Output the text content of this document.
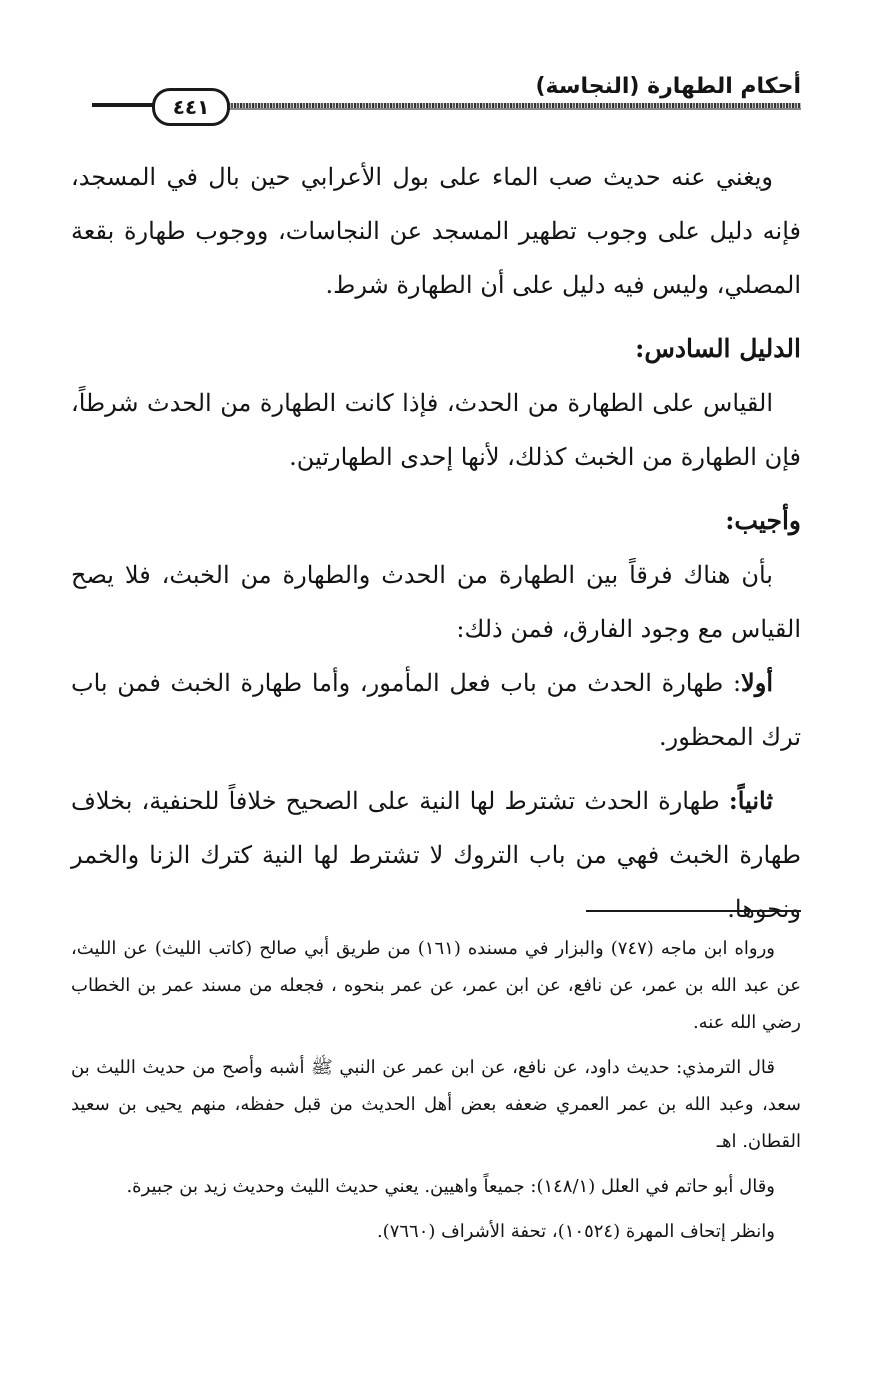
أحكام الطهارة (النجاسة)
٤٤١

ويغني عنه حديث صب الماء على بول الأعرابي حين بال في المسجد، فإنه دليل على وجوب تطهير المسجد عن النجاسات، ووجوب طهارة بقعة المصلي، وليس فيه دليل على أن الطهارة شرط.

الدليل السادس:

القياس على الطهارة من الحدث، فإذا كانت الطهارة من الحدث شرطاً، فإن الطهارة من الخبث كذلك، لأنها إحدى الطهارتين.

وأجيب:

بأن هناك فرقاً بين الطهارة من الحدث والطهارة من الخبث، فلا يصح القياس مع وجود الفارق، فمن ذلك:

أولا: طهارة الحدث من باب فعل المأمور، وأما طهارة الخبث فمن باب ترك المحظور.

ثانياً: طهارة الحدث تشترط لها النية على الصحيح خلافاً للحنفية، بخلاف طهارة الخبث فهي من باب التروك لا تشترط لها النية كترك الزنا والخمر ونحوها.

ورواه ابن ماجه (٧٤٧) والبزار في مسنده (١٦١) من طريق أبي صالح (كاتب الليث) عن الليث، عن عبد الله بن عمر، عن نافع، عن ابن عمر، عن عمر بنحوه ، فجعله من مسند عمر بن الخطاب رضي الله عنه.

قال الترمذي: حديث داود، عن نافع، عن ابن عمر عن النبي ﷺ أشبه وأصح من حديث الليث بن سعد، وعبد الله بن عمر العمري ضعفه بعض أهل الحديث من قبل حفظه، منهم يحيى بن سعيد القطان. اهـ

وقال أبو حاتم في العلل (١٤٨/١): جميعاً واهيين. يعني حديث الليث وحديث زيد بن جبيرة.

وانظر إتحاف المهرة (١٠٥٢٤)، تحفة الأشراف (٧٦٦٠).
